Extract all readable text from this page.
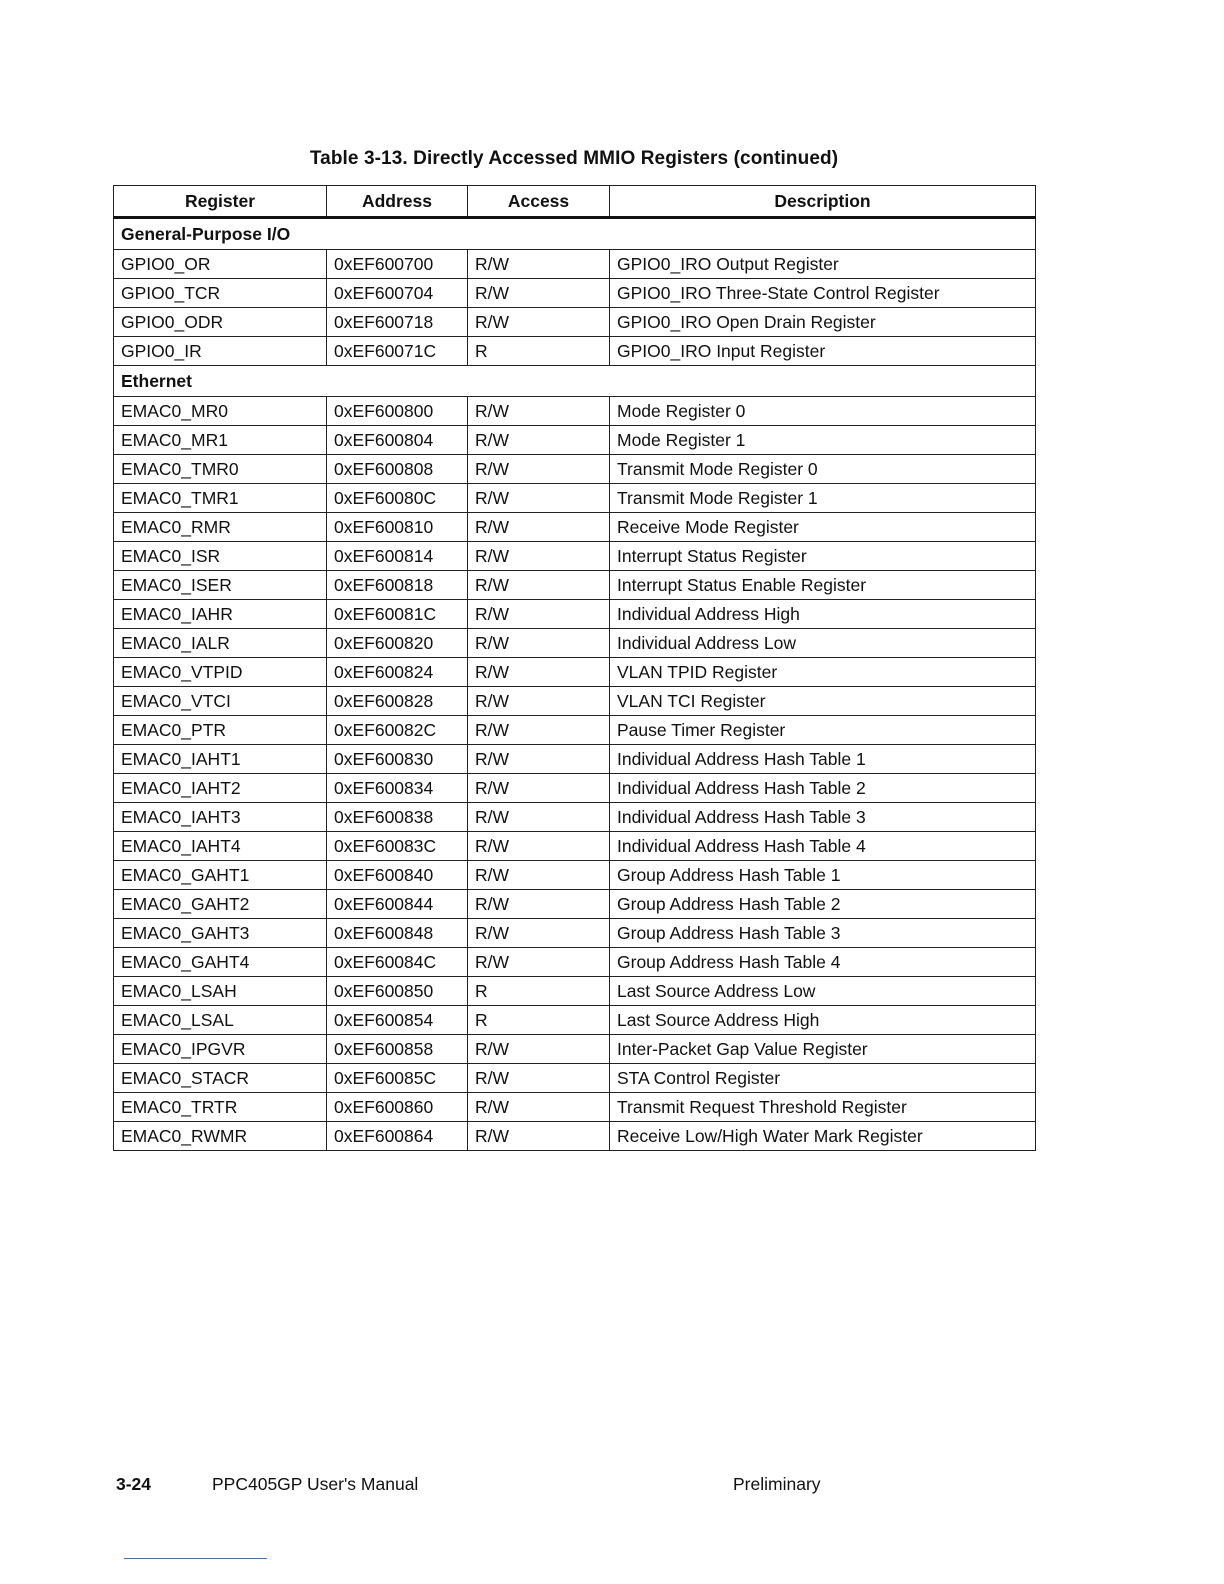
Table 3-13. Directly Accessed MMIO Registers (continued)
Register	Address	Access	Description
General-Purpose I/O			
GPIO0_OR	0xEF600700	R/W	GPIO0_IRO Output Register
GPIO0_TCR	0xEF600704	R/W	GPIO0_IRO Three-State Control Register
GPIO0_ODR	0xEF600718	R/W	GPIO0_IRO Open Drain Register
GPIO0_IR	0xEF60071C	R	GPIO0_IRO Input Register
Ethernet			
EMAC0_MR0	0xEF600800	R/W	Mode Register 0
EMAC0_MR1	0xEF600804	R/W	Mode Register 1
EMAC0_TMR0	0xEF600808	R/W	Transmit Mode Register 0
EMAC0_TMR1	0xEF60080C	R/W	Transmit Mode Register 1
EMAC0_RMR	0xEF600810	R/W	Receive Mode Register
EMAC0_ISR	0xEF600814	R/W	Interrupt Status Register
EMAC0_ISER	0xEF600818	R/W	Interrupt Status Enable Register
EMAC0_IAHR	0xEF60081C	R/W	Individual Address High
EMAC0_IALR	0xEF600820	R/W	Individual Address Low
EMAC0_VTPID	0xEF600824	R/W	VLAN TPID Register
EMAC0_VTCI	0xEF600828	R/W	VLAN TCI Register
EMAC0_PTR	0xEF60082C	R/W	Pause Timer Register
EMAC0_IAHT1	0xEF600830	R/W	Individual Address Hash Table 1
EMAC0_IAHT2	0xEF600834	R/W	Individual Address Hash Table 2
EMAC0_IAHT3	0xEF600838	R/W	Individual Address Hash Table 3
EMAC0_IAHT4	0xEF60083C	R/W	Individual Address Hash Table 4
EMAC0_GAHT1	0xEF600840	R/W	Group Address Hash Table 1
EMAC0_GAHT2	0xEF600844	R/W	Group Address Hash Table 2
EMAC0_GAHT3	0xEF600848	R/W	Group Address Hash Table 3
EMAC0_GAHT4	0xEF60084C	R/W	Group Address Hash Table 4
EMAC0_LSAH	0xEF600850	R	Last Source Address Low
EMAC0_LSAL	0xEF600854	R	Last Source Address High
EMAC0_IPGVR	0xEF600858	R/W	Inter-Packet Gap Value Register
EMAC0_STACR	0xEF60085C	R/W	STA Control Register
EMAC0_TRTR	0xEF600860	R/W	Transmit Request Threshold Register
EMAC0_RWMR	0xEF600864	R/W	Receive Low/High Water Mark Register
3-24	PPC405GP User's Manual	Preliminary
